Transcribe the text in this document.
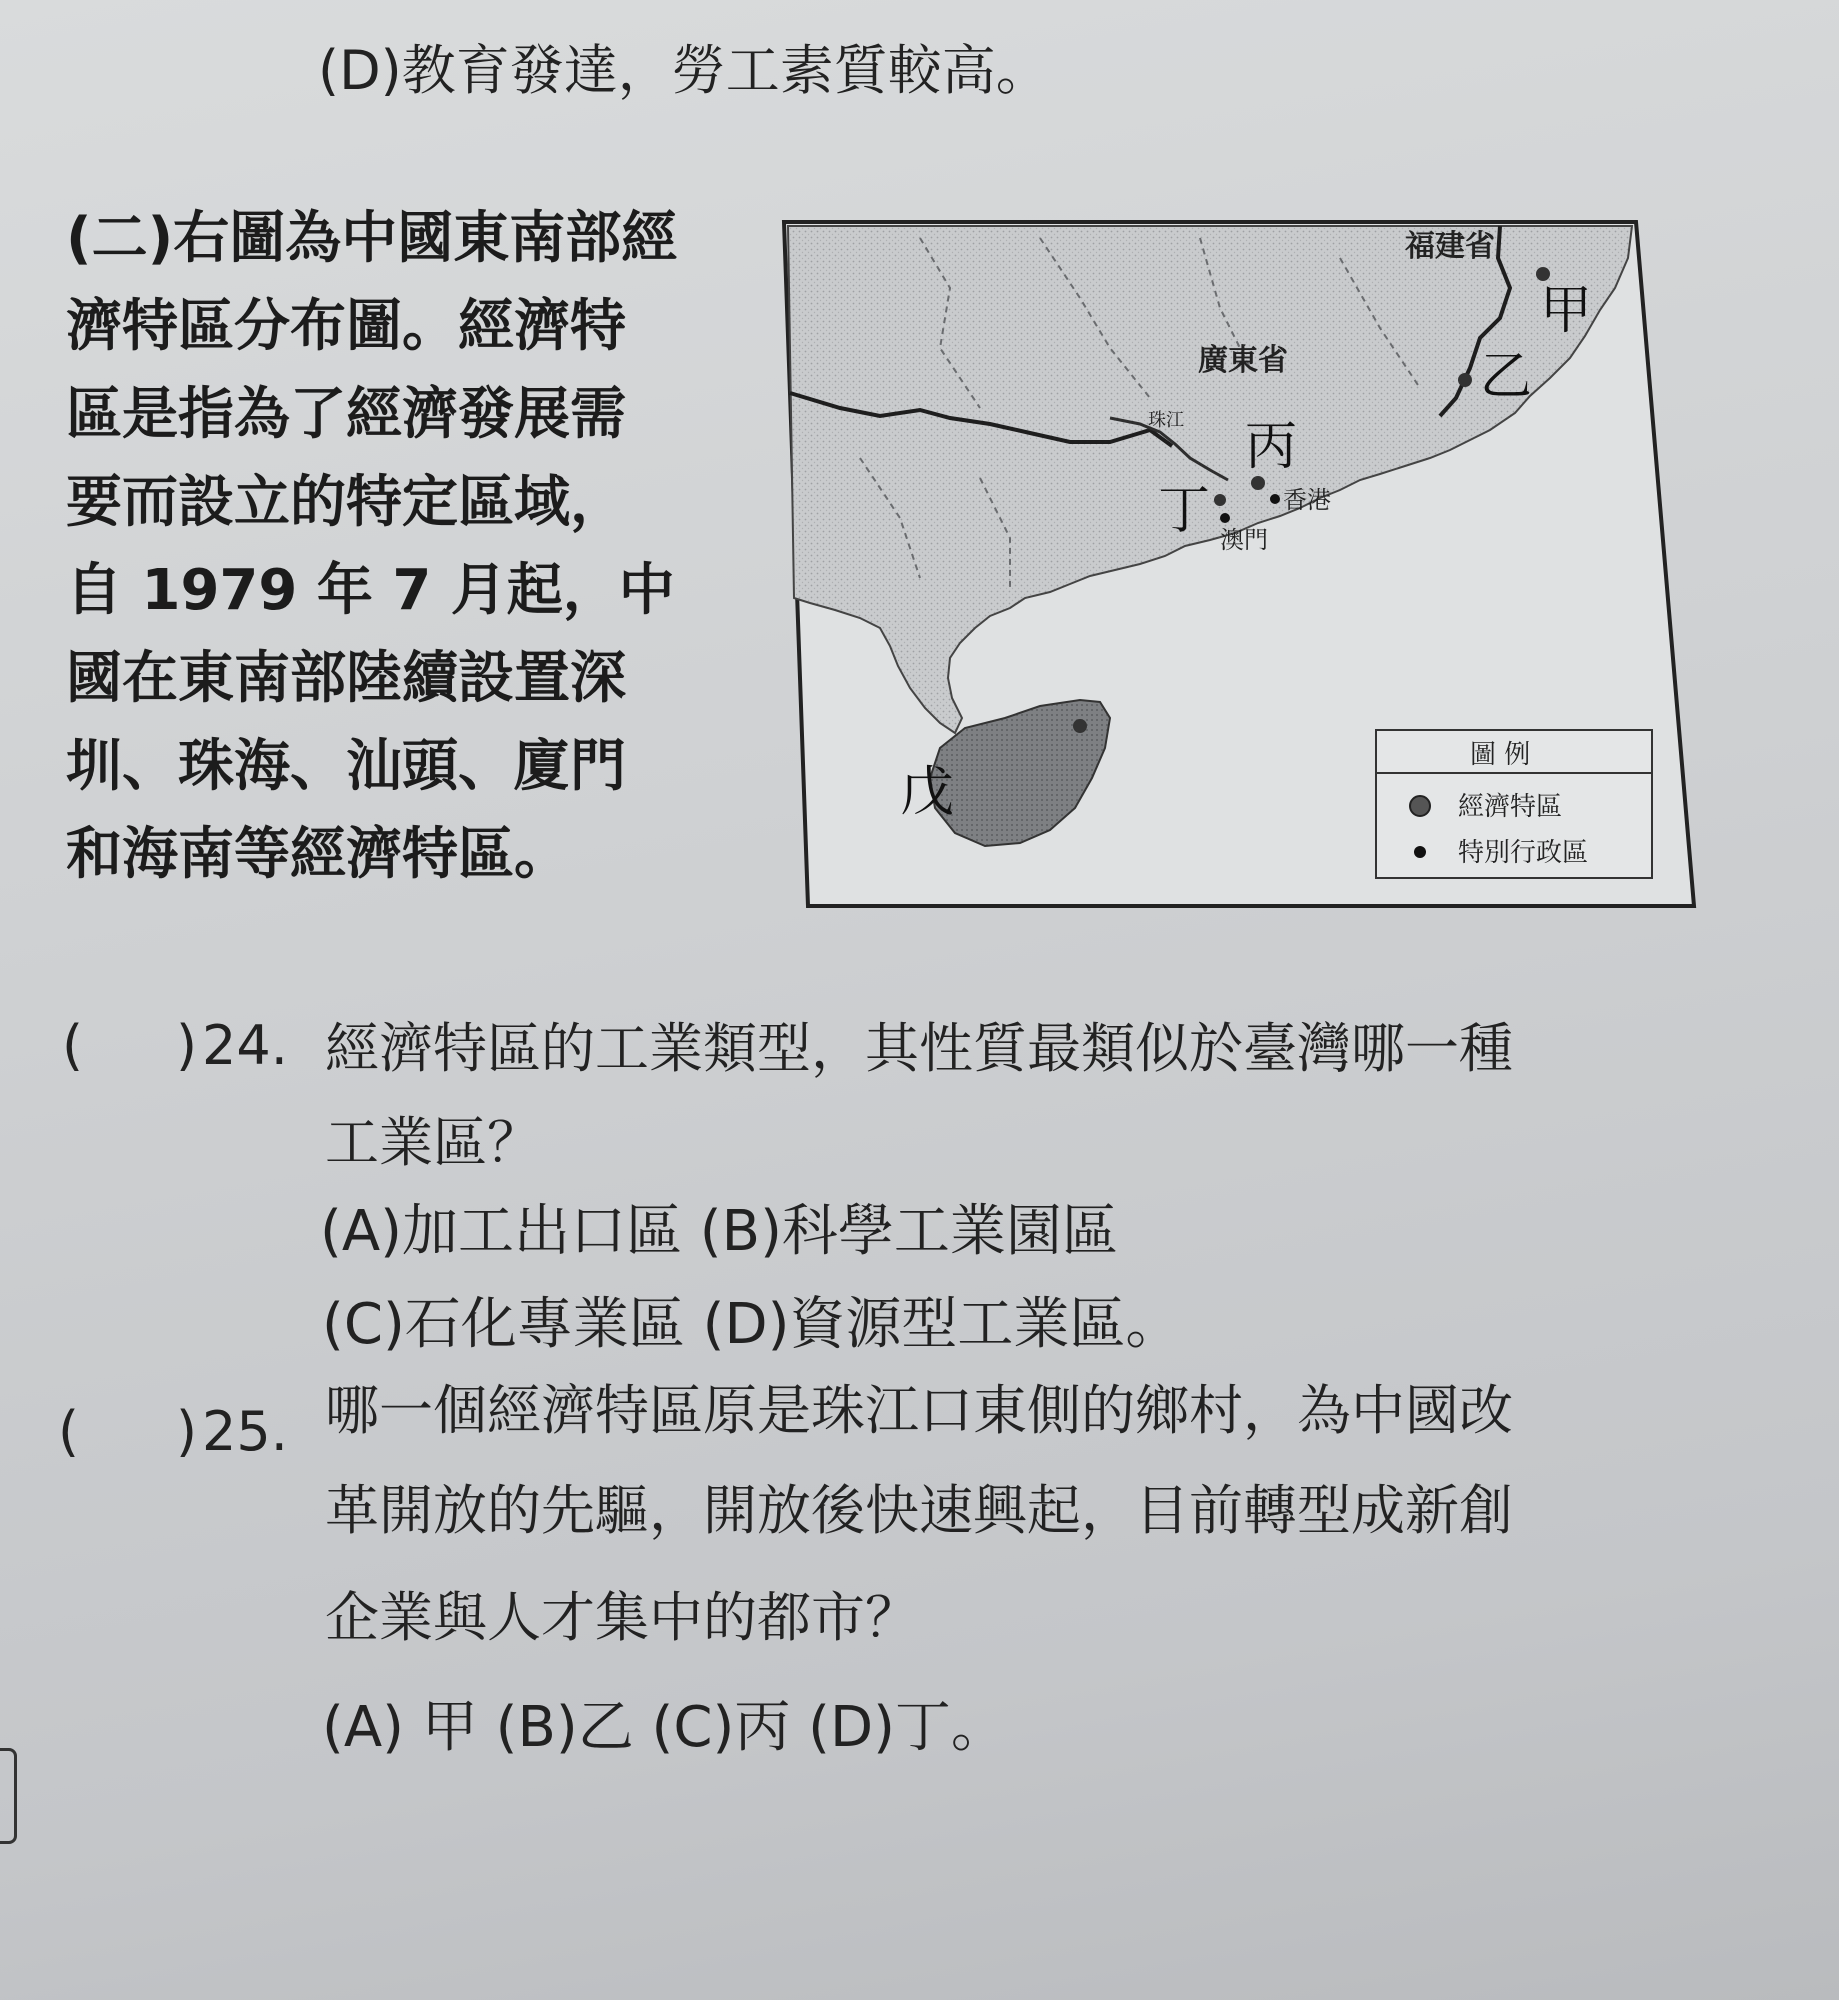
(D)教育發達，勞工素質較高。
(二)右圖為中國東南部經
濟特區分布圖。經濟特
區是指為了經濟發展需
要而設立的特定區域，
自 1979 年 7 月起，中
國在東南部陸續設置深
圳、珠海、汕頭、廈門
和海南等經濟特區。
福建省
廣東省
珠江
甲
乙
丙
丁
戊
香港
澳門
圖 例
經濟特區
特別行政區
( ) 24. 經濟特區的工業類型，其性質最類似於臺灣哪一種
工業區？
(A)加工出口區 (B)科學工業園區
(C)石化專業區 (D)資源型工業區。
( ) 25. 哪一個經濟特區原是珠江口東側的鄉村，為中國改
革開放的先驅，開放後快速興起，目前轉型成新創
企業與人才集中的都市？
(A) 甲 (B)乙 (C)丙 (D)丁。
